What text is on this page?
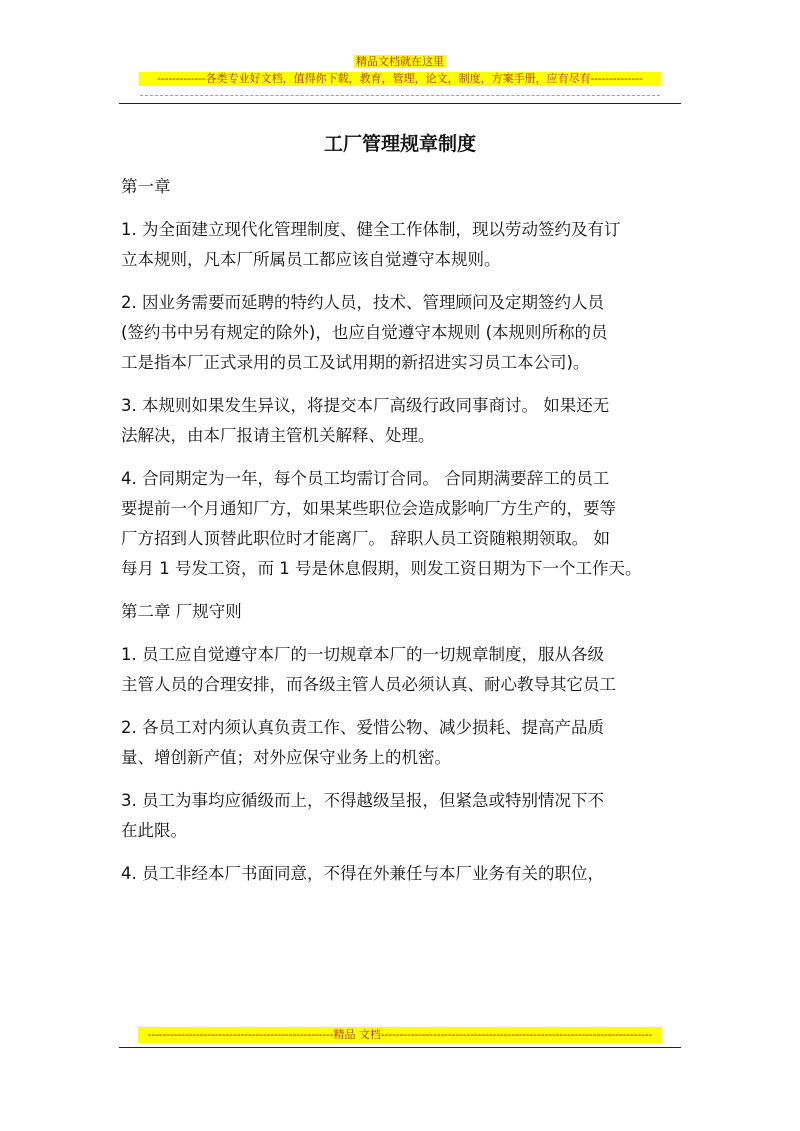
精品文档就在这里
-------------各类专业好文档，值得你下载，教育，管理，论文，制度，方案手册，应有尽有--------------
工厂管理规章制度
第一章
1. 为全面建立现代化管理制度、健全工作体制，现以劳动签约及有订
立本规则，凡本厂所属员工都应该自觉遵守本规则。
2. 因业务需要而延聘的特约人员，技术、管理顾问及定期签约人员
(签约书中另有规定的除外)，也应自觉遵守本规则 (本规则所称的员
工是指本厂正式录用的员工及试用期的新招进实习员工本公司)。
3. 本规则如果发生异议，将提交本厂高级行政同事商讨。 如果还无
法解决，由本厂报请主管机关解释、处理。
4. 合同期定为一年，每个员工均需订合同。 合同期满要辞工的员工
要提前一个月通知厂方，如果某些职位会造成影响厂方生产的，要等
厂方招到人顶替此职位时才能离厂。 辞职人员工资随粮期领取。 如
每月 1 号发工资，而 1 号是休息假期，则发工资日期为下一个工作天。
第二章 厂规守则
1. 员工应自觉遵守本厂的一切规章本厂的一切规章制度，服从各级
主管人员的合理安排，而各级主管人员必须认真、耐心教导其它员工
2. 各员工对内须认真负责工作、爱惜公物、减少损耗、提高产品质
量、增创新产值；对外应保守业务上的机密。
3. 员工为事均应循级而上，不得越级呈报，但紧急或特别情况下不
在此限。
4. 员工非经本厂书面同意，不得在外兼任与本厂业务有关的职位，
--------------------------------------------------精品 文档-------------------------------------------------------------------------
